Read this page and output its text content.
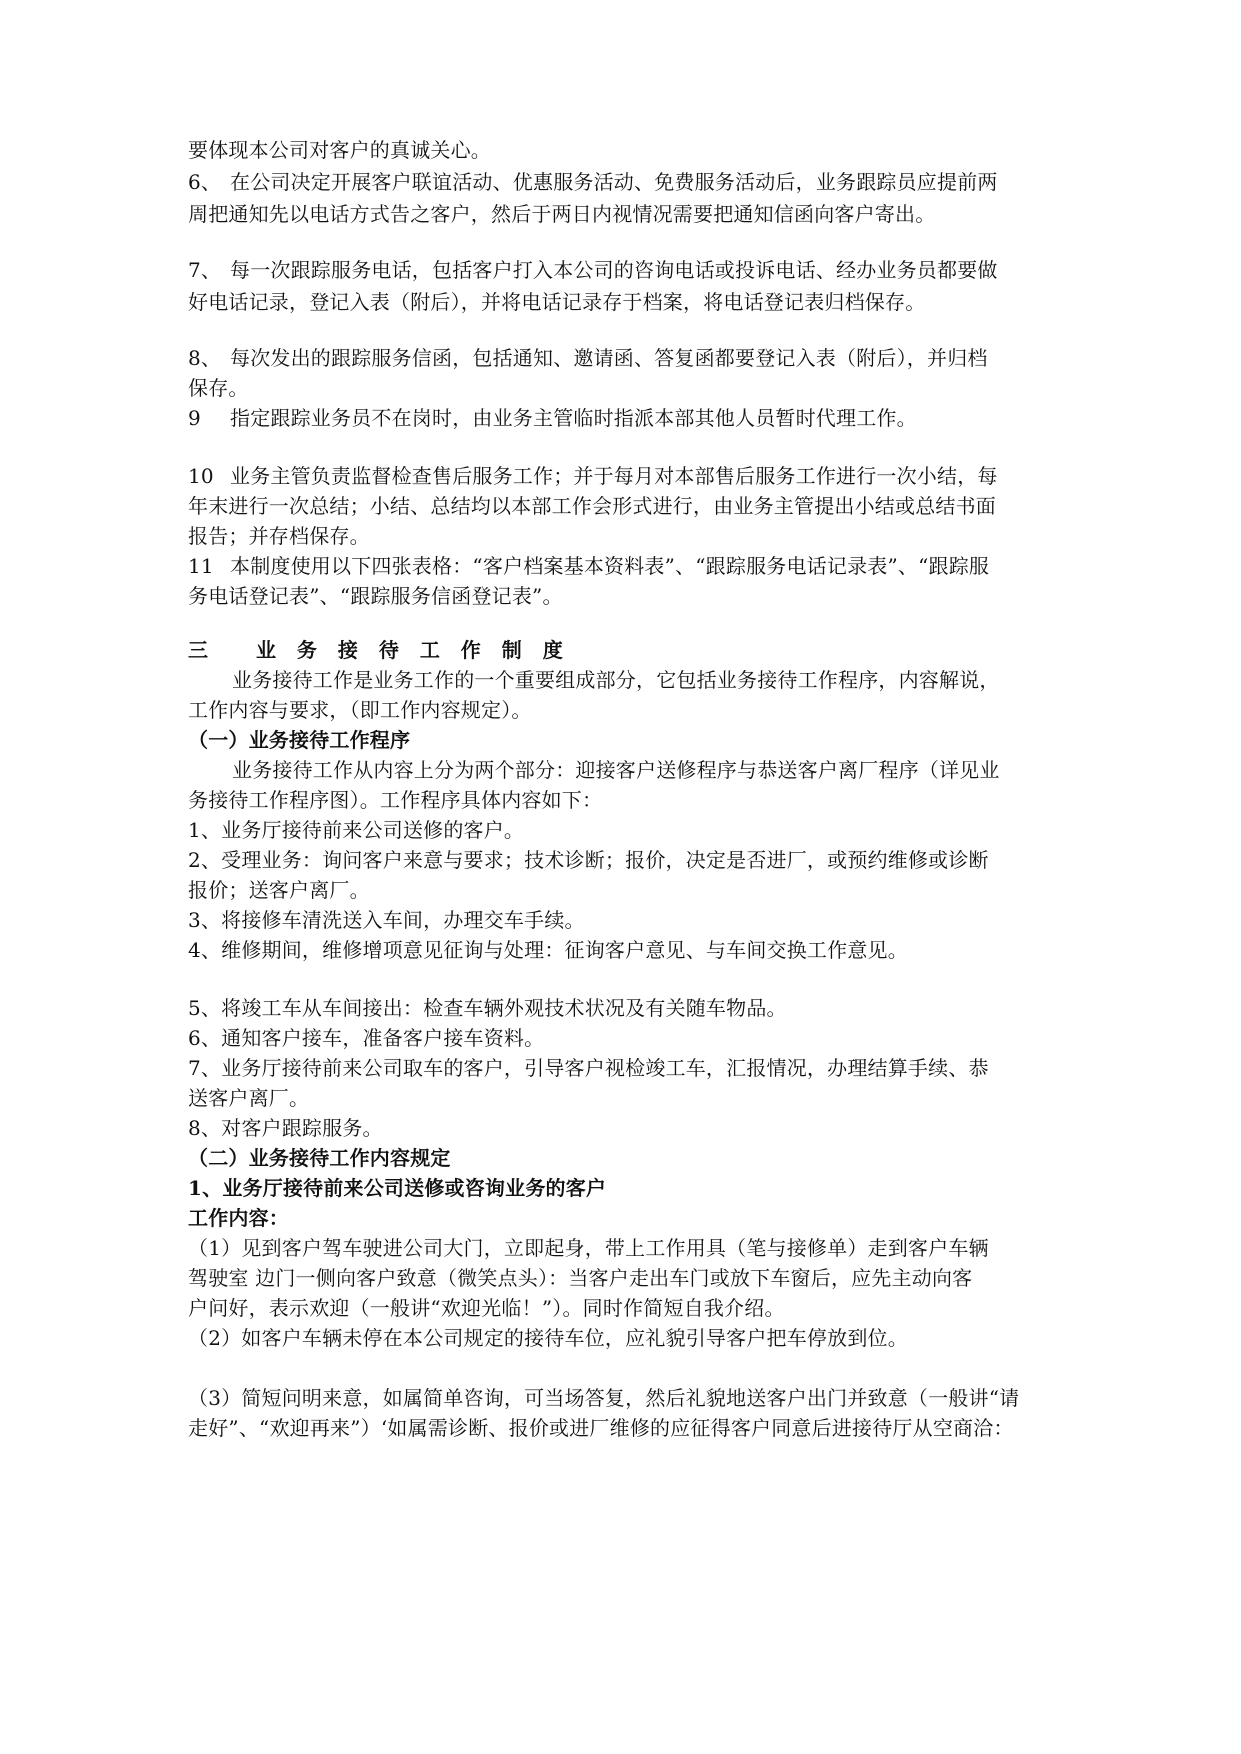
要体现本公司对客户的真诚关心。
6、 在公司决定开展客户联谊活动、优惠服务活动、免费服务活动后，业务跟踪员应提前两
周把通知先以电话方式告之客户，然后于两日内视情况需要把通知信函向客户寄出。
7、 每一次跟踪服务电话，包括客户打入本公司的咨询电话或投诉电话、经办业务员都要做
好电话记录，登记入表（附后），并将电话记录存于档案，将电话登记表归档保存。
8、 每次发出的跟踪服务信函，包括通知、邀请函、答复函都要登记入表（附后），并归档
保存。
9 指定跟踪业务员不在岗时，由业务主管临时指派本部其他人员暂时代理工作。
10 业务主管负责监督检查售后服务工作；并于每月对本部售后服务工作进行一次小结，每
年末进行一次总结；小结、总结均以本部工作会形式进行，由业务主管提出小结或总结书面
报告；并存档保存。
11 本制度使用以下四张表格：“客户档案基本资料表”、“跟踪服务电话记录表”、“跟踪服
务电话登记表”、“跟踪服务信函登记表”。
三　 业 务 接 待 工 作 制 度
业务接待工作是业务工作的一个重要组成部分，它包括业务接待工作程序，内容解说，
工作内容与要求，（即工作内容规定）。
（一）业务接待工作程序
业务接待工作从内容上分为两个部分：迎接客户送修程序与恭送客户离厂程序（详见业
务接待工作程序图）。工作程序具体内容如下：
1、业务厅接待前来公司送修的客户。
2、受理业务：询问客户来意与要求；技术诊断；报价，决定是否进厂，或预约维修或诊断
报价；送客户离厂。
3、将接修车清洗送入车间，办理交车手续。
4、维修期间，维修增项意见征询与处理：征询客户意见、与车间交换工作意见。
5、将竣工车从车间接出：检查车辆外观技术状况及有关随车物品。
6、通知客户接车，准备客户接车资料。
7、业务厅接待前来公司取车的客户，引导客户视检竣工车，汇报情况，办理结算手续、恭
送客户离厂。
8、对客户跟踪服务。
（二）业务接待工作内容规定
1、业务厅接待前来公司送修或咨询业务的客户
工作内容：
（1）见到客户驾车驶进公司大门，立即起身，带上工作用具（笔与接修单）走到客户车辆
驾驶室 边门一侧向客户致意（微笑点头）：当客户走出车门或放下车窗后，应先主动向客
户问好，表示欢迎（一般讲“欢迎光临！”）。同时作简短自我介绍。
（2）如客户车辆未停在本公司规定的接待车位，应礼貌引导客户把车停放到位。
（3）简短问明来意，如属简单咨询，可当场答复，然后礼貌地送客户出门并致意（一般讲“请
走好”、“欢迎再来”）‘如属需诊断、报价或进厂维修的应征得客户同意后进接待厅从空商洽：
